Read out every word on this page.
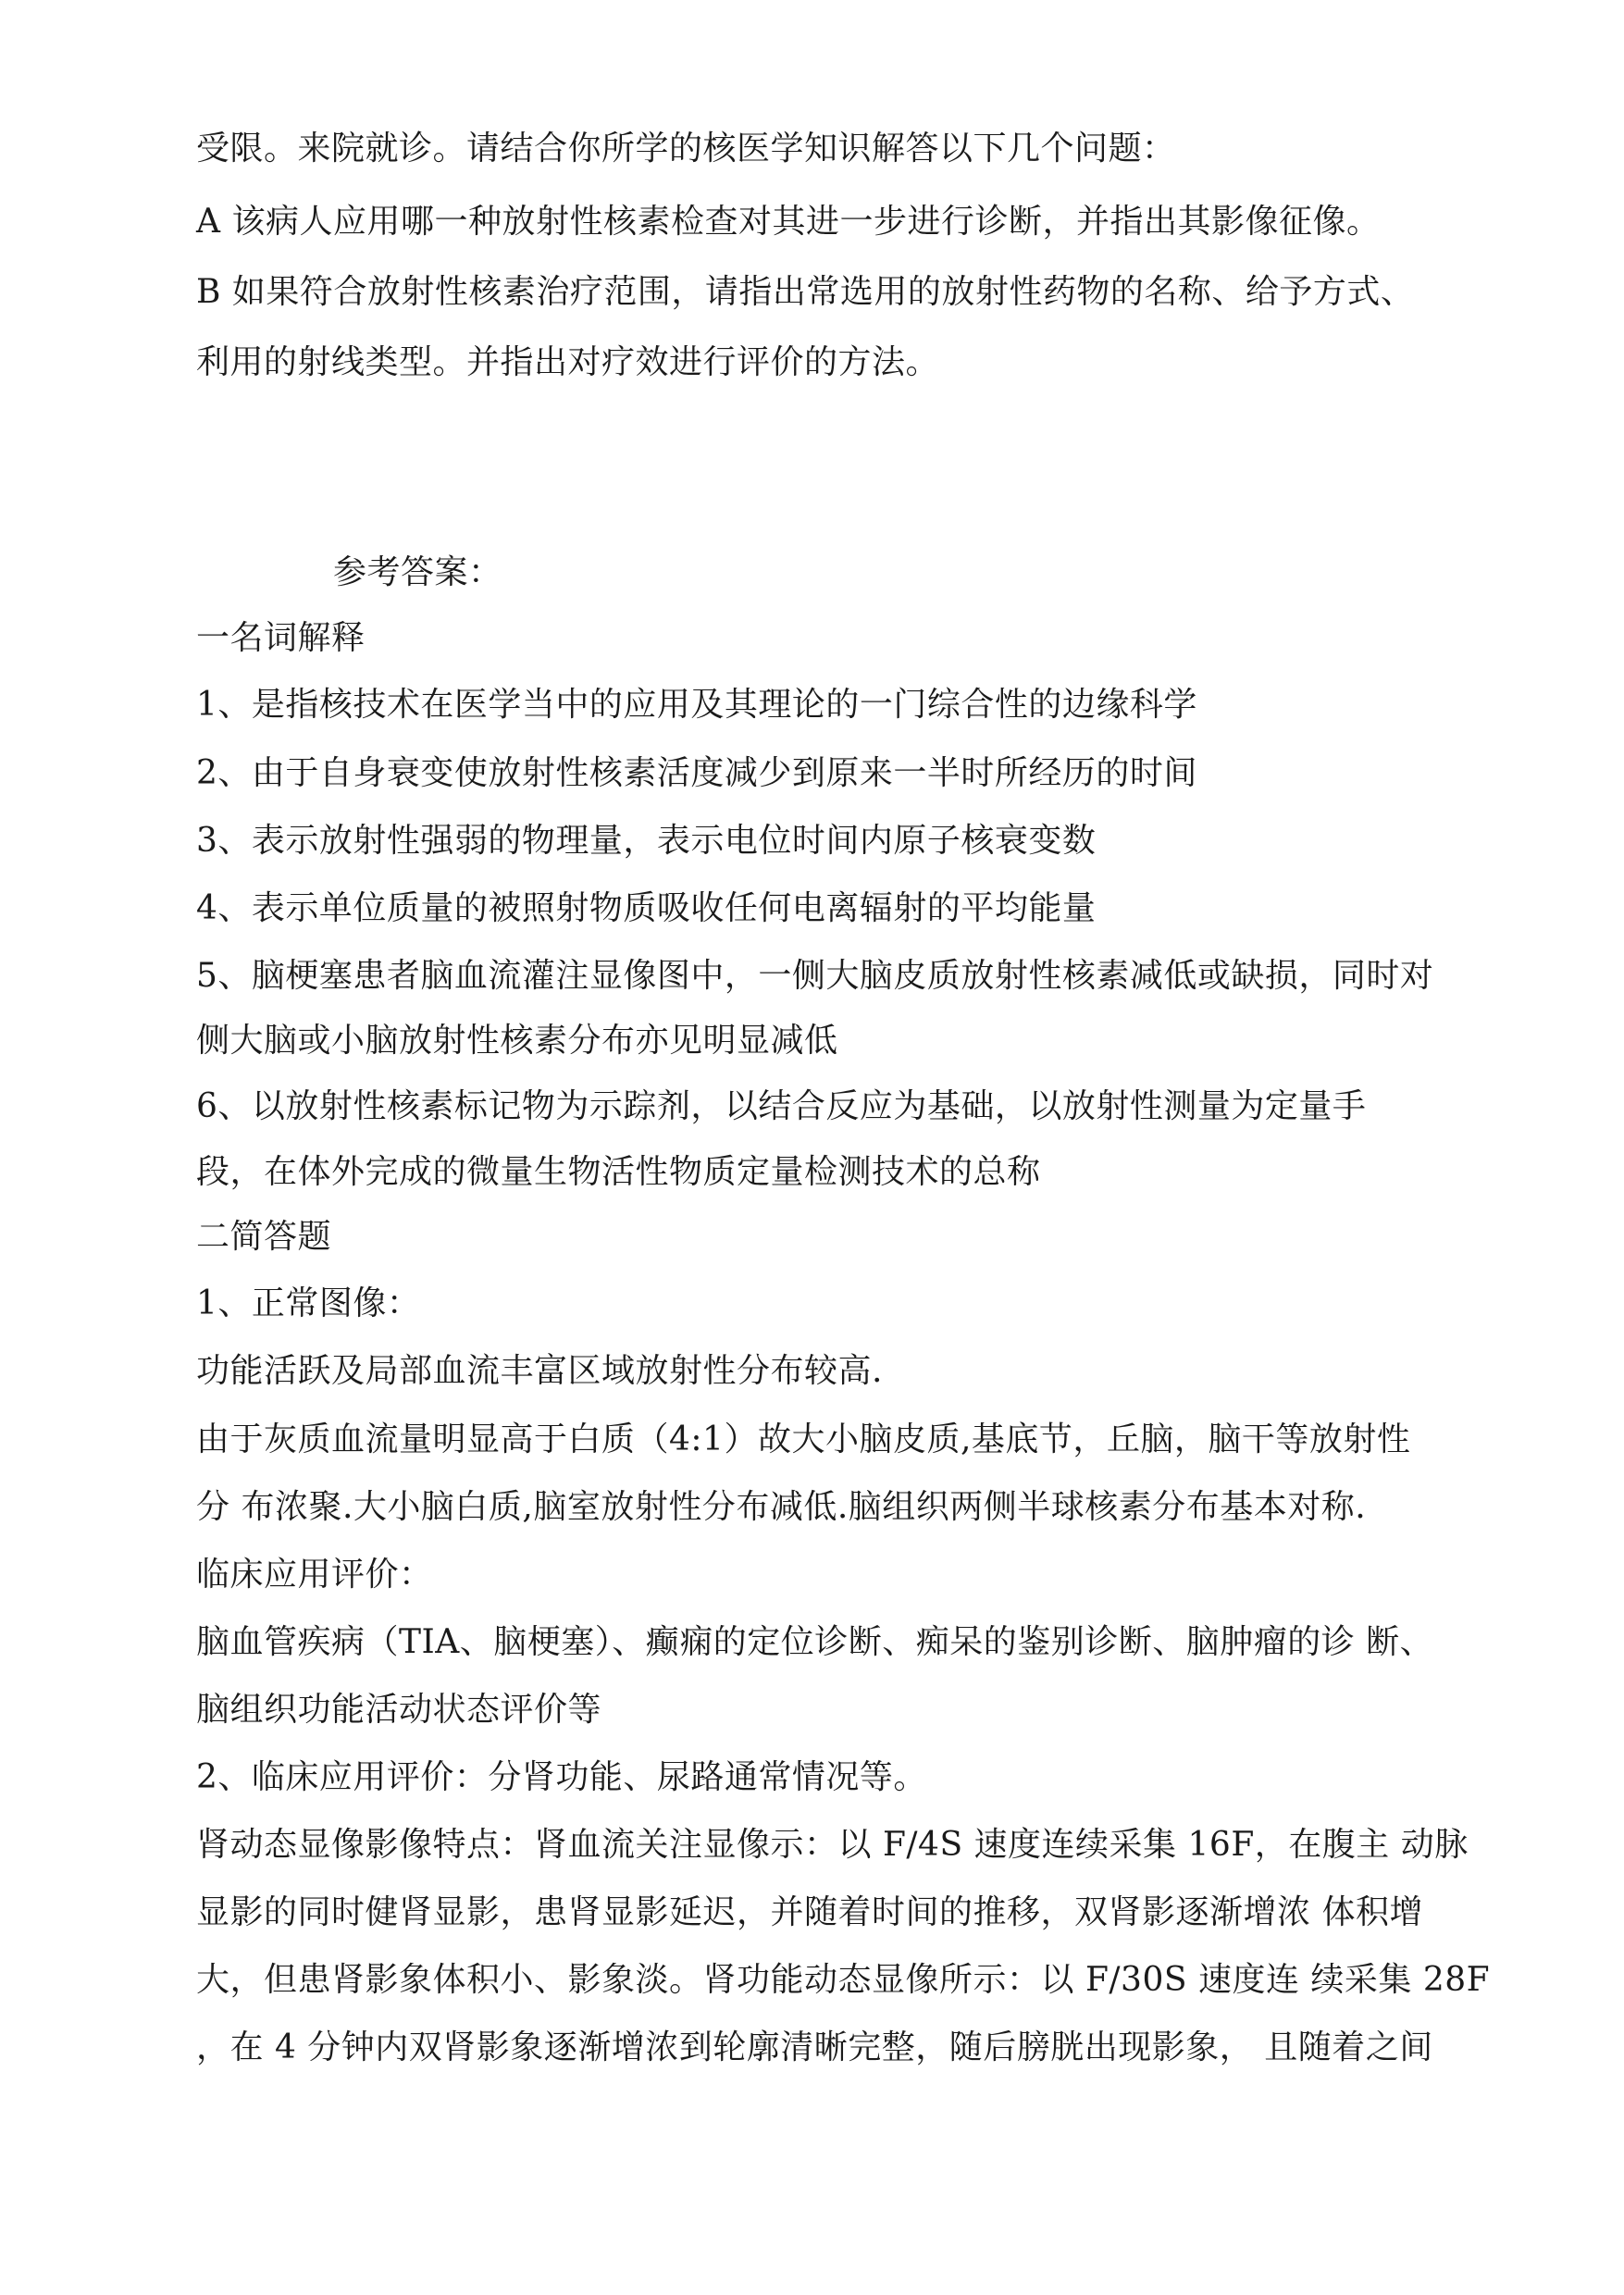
受限。来院就诊。请结合你所学的核医学知识解答以下几个问题：
A 该病人应用哪一种放射性核素检查对其进一步进行诊断，并指出其影像征像。
B 如果符合放射性核素治疗范围，请指出常选用的放射性药物的名称、给予方式、
利用的射线类型。并指出对疗效进行评价的方法。
参考答案：
一名词解释
1、是指核技术在医学当中的应用及其理论的一门综合性的边缘科学
2、由于自身衰变使放射性核素活度减少到原来一半时所经历的时间
3、表示放射性强弱的物理量，表示电位时间内原子核衰变数
4、表示单位质量的被照射物质吸收任何电离辐射的平均能量
5、脑梗塞患者脑血流灌注显像图中，一侧大脑皮质放射性核素减低或缺损，同时对
侧大脑或小脑放射性核素分布亦见明显减低
6、以放射性核素标记物为示踪剂，以结合反应为基础，以放射性测量为定量手
段，在体外完成的微量生物活性物质定量检测技术的总称
二简答题
1、正常图像：
功能活跃及局部血流丰富区域放射性分布较高.
由于灰质血流量明显高于白质（4:1）故大小脑皮质,基底节，丘脑，脑干等放射性
分 布浓聚.大小脑白质,脑室放射性分布减低.脑组织两侧半球核素分布基本对称.
临床应用评价：
脑血管疾病（TIA、脑梗塞）、癫痫的定位诊断、痴呆的鉴别诊断、脑肿瘤的诊 断、
脑组织功能活动状态评价等
2、临床应用评价：分肾功能、尿路通常情况等。
肾动态显像影像特点：肾血流关注显像示：以 F/4S 速度连续采集 16F，在腹主 动脉
显影的同时健肾显影，患肾显影延迟，并随着时间的推移，双肾影逐渐增浓 体积增
大，但患肾影象体积小、影象淡。肾功能动态显像所示：以 F/30S 速度连 续采集 28F
，在 4 分钟内双肾影象逐渐增浓到轮廓清晰完整，随后膀胱出现影象， 且随着之间
